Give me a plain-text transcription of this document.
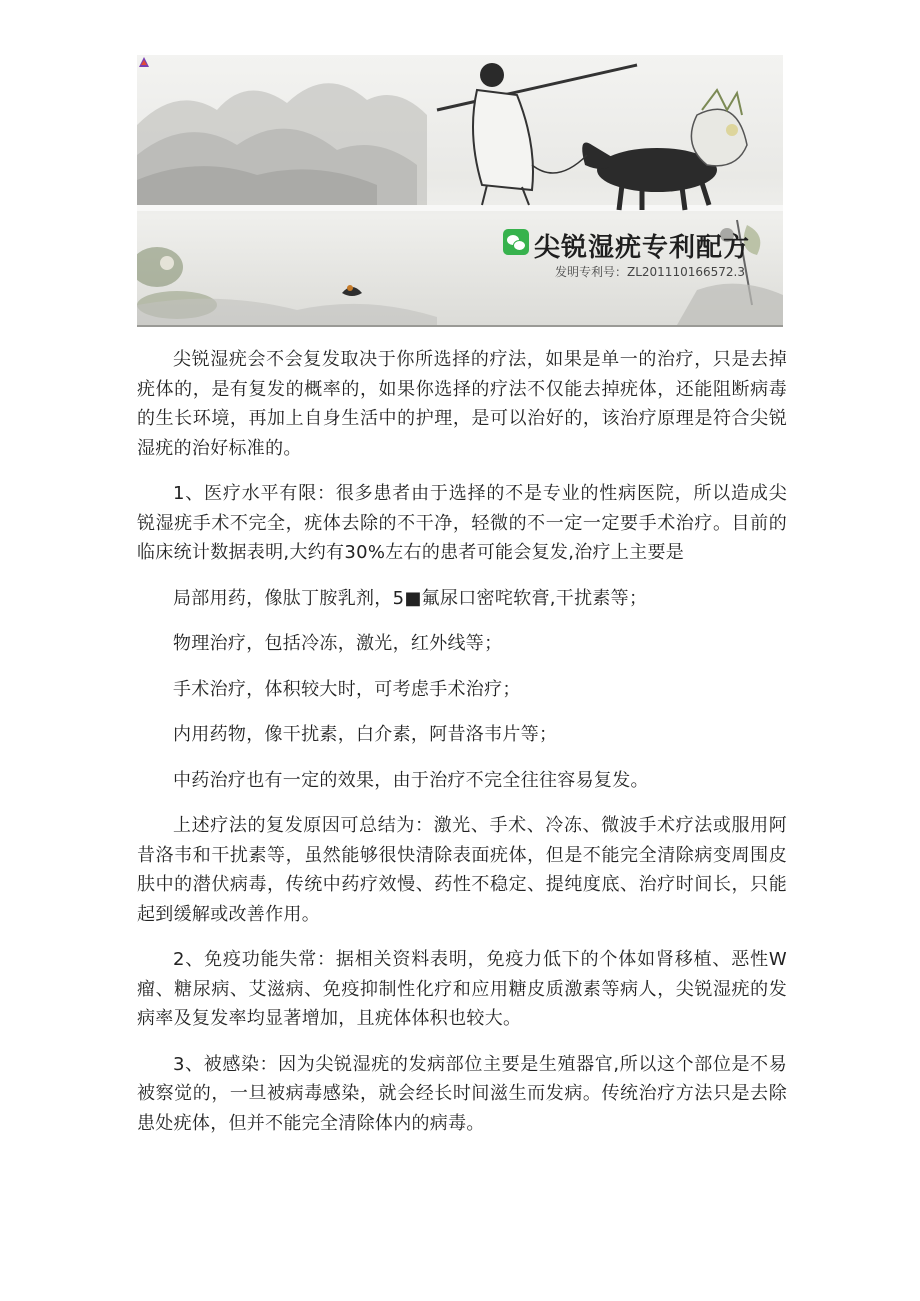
尖锐湿疣专利配方
发明专利号：ZL201110166572.3

尖锐湿疣会不会复发取决于你所选择的疗法，如果是单一的治疗，只是去掉疣体的，是有复发的概率的，如果你选择的疗法不仅能去掉疣体，还能阻断病毒的生长环境，再加上自身生活中的护理，是可以治好的，该治疗原理是符合尖锐湿疣的治好标准的。

1、医疗水平有限：很多患者由于选择的不是专业的性病医院，所以造成尖锐湿疣手术不完全，疣体去除的不干净，轻微的不一定一定要手术治疗。目前的临床统计数据表明,大约有30%左右的患者可能会复发,治疗上主要是

局部用药，像肽丁胺乳剂，5■氟尿口密咤软膏,干扰素等；

物理治疗，包括冷冻，激光，红外线等；

手术治疗，体积较大时，可考虑手术治疗；

内用药物，像干扰素，白介素，阿昔洛韦片等；

中药治疗也有一定的效果，由于治疗不完全往往容易复发。

上述疗法的复发原因可总结为：激光、手术、冷冻、微波手术疗法或服用阿昔洛韦和干扰素等，虽然能够很快清除表面疣体，但是不能完全清除病变周围皮肤中的潜伏病毒，传统中药疗效慢、药性不稳定、提纯度底、治疗时间长，只能起到缓解或改善作用。

2、免疫功能失常：据相关资料表明，免疫力低下的个体如肾移植、恶性W瘤、糖尿病、艾滋病、免疫抑制性化疗和应用糖皮质激素等病人，尖锐湿疣的发病率及复发率均显著增加，且疣体体积也较大。

3、被感染：因为尖锐湿疣的发病部位主要是生殖器官,所以这个部位是不易被察觉的，一旦被病毒感染，就会经长时间滋生而发病。传统治疗方法只是去除患处疣体，但并不能完全清除体内的病毒。
